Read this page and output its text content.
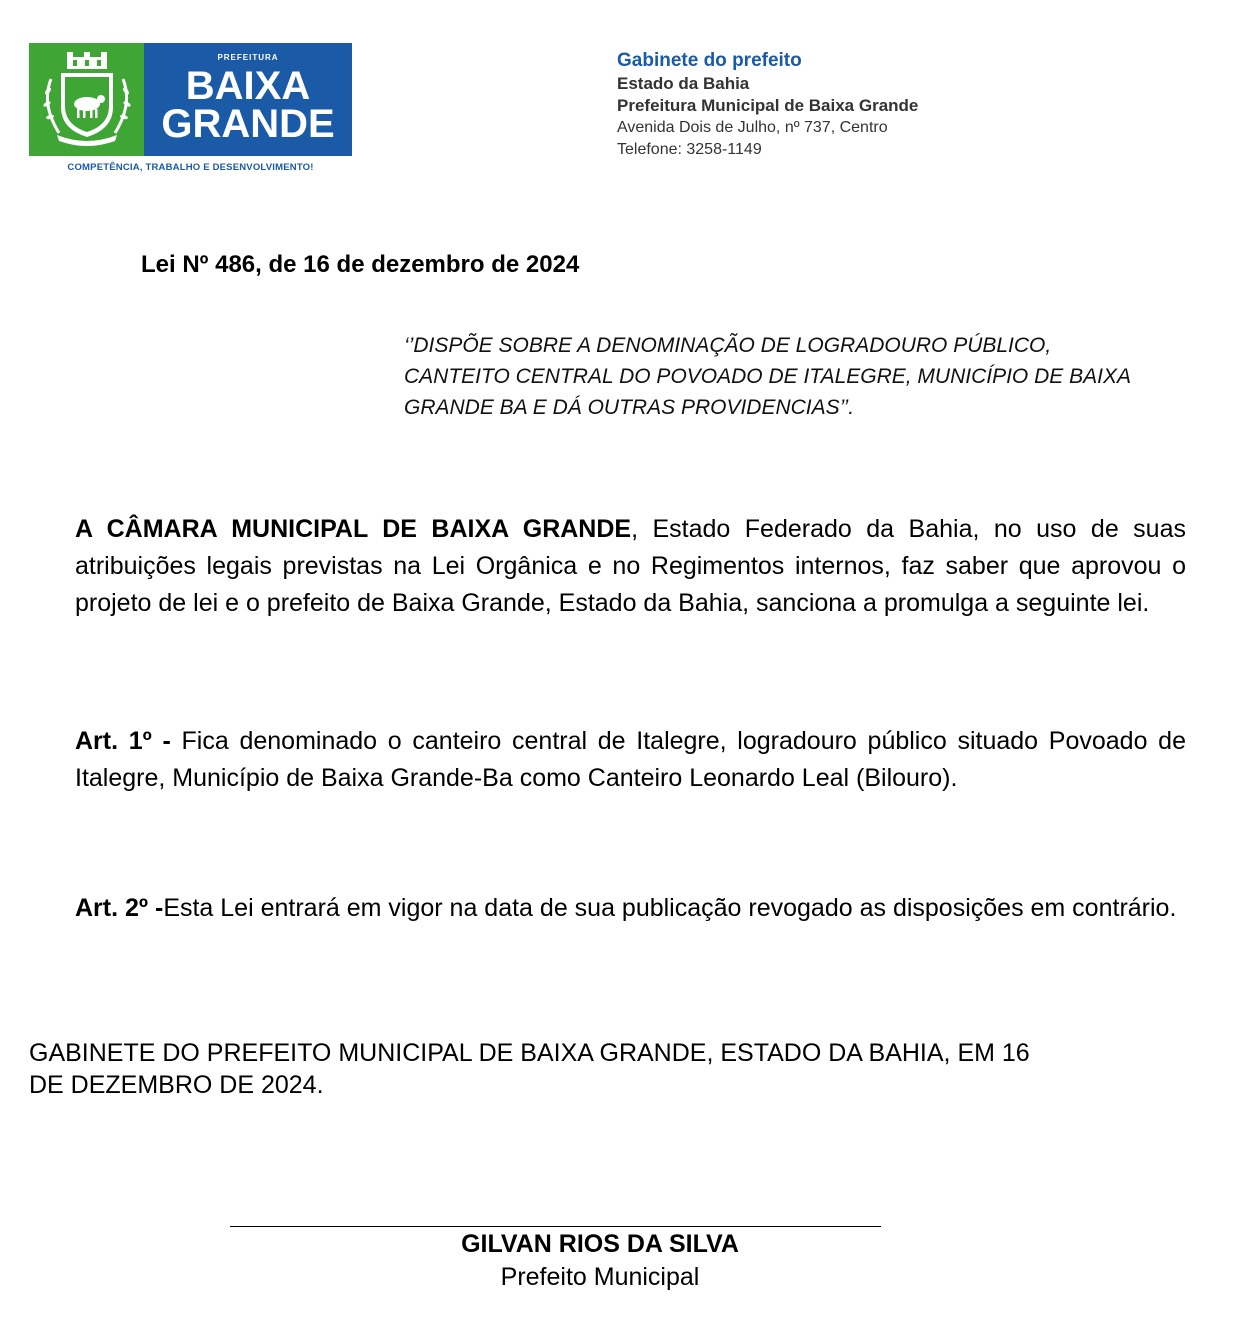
PREFEITURA
BAIXA
GRANDE
COMPETÊNCIA, TRABALHO E DESENVOLVIMENTO!
Gabinete do prefeito
Estado da Bahia
Prefeitura Municipal de Baixa Grande
Avenida Dois de Julho, nº 737, Centro
Telefone: 3258-1149
Lei Nº 486, de 16 de dezembro de 2024
‘’DISPÕE SOBRE A DENOMINAÇÃO DE LOGRADOURO PÚBLICO, CANTEITO CENTRAL DO POVOADO DE ITALEGRE, MUNICÍPIO DE BAIXA GRANDE BA E DÁ OUTRAS PROVIDENCIAS’’.
A CÂMARA MUNICIPAL DE BAIXA GRANDE, Estado Federado da Bahia, no uso de suas atribuições legais previstas na Lei Orgânica e no Regimentos internos, faz saber que aprovou o projeto de lei e o prefeito de Baixa Grande, Estado da Bahia, sanciona a promulga a seguinte lei.
Art. 1º - Fica denominado o canteiro central de Italegre, logradouro público situado Povoado de Italegre, Município de Baixa Grande-Ba como Canteiro Leonardo Leal (Bilouro).
Art. 2º -Esta Lei entrará em vigor na data de sua publicação revogado as disposições em contrário.
GABINETE DO PREFEITO MUNICIPAL DE BAIXA GRANDE, ESTADO DA BAHIA, EM 16
DE DEZEMBRO DE 2024.
GILVAN RIOS DA SILVA
Prefeito Municipal
